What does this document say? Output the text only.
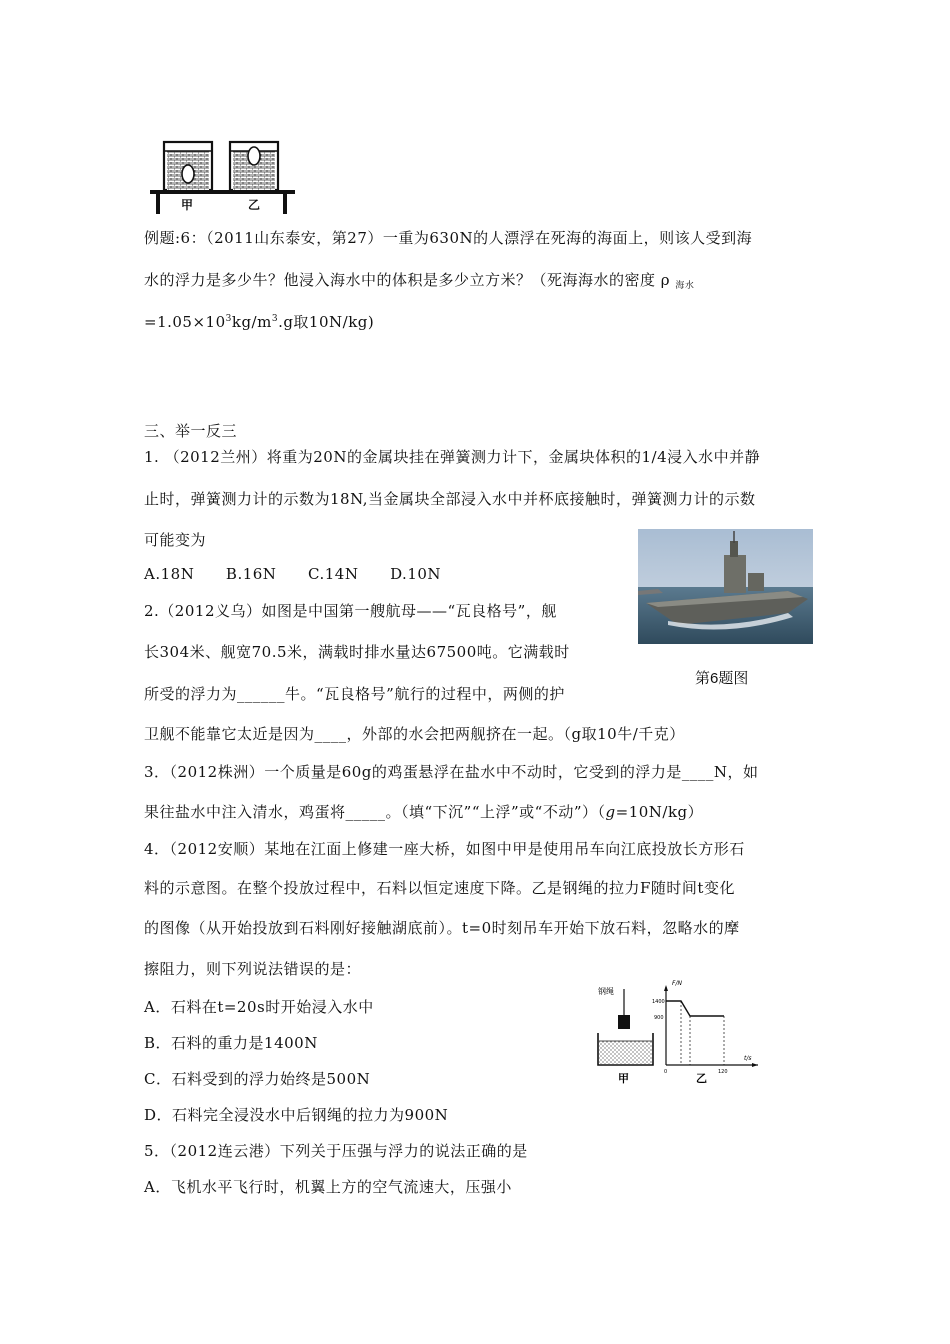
甲	乙
例题:6：（2011山东泰安，第27）一重为630N的人漂浮在死海的海面上，则该人受到海
水的浮力是多少牛？他浸入海水中的体积是多少立方米？（死海海水的密度 ρ $_{海水}$
$=1.05\times 10^3kg/m^3.g$取10N/kg)
三、举一反三
1. （2012兰州）将重为20N的金属块挂在弹簧测力计下，金属块体积的1/4浸入水中并静
止时，弹簧测力计的示数为18N,当金属块全部浸入水中并杯底接触时，弹簧测力计的示数
可能变为
A.18N      B.16N      C.14N      D.10N
第6题图
2.（2012义乌）如图是中国第一艘航母——“瓦良格号”，舰
长304米、舰宽70.5米，满载时排水量达67500吨。它满载时
所受的浮力为______牛。“瓦良格号”航行的过程中，两侧的护
卫舰不能靠它太近是因为____，外部的水会把两舰挤在一起。（g取10牛/千克）
3．（2012株洲）一个质量是60g的鸡蛋悬浮在盐水中不动时，它受到的浮力是____N，如
果往盐水中注入清水，鸡蛋将_____。（填“下沉”“上浮”或“不动”）（g=10N/kg）
4．（2012安顺）某地在江面上修建一座大桥，如图中甲是使用吊车向江底投放长方形石
料的示意图。在整个投放过程中，石料以恒定速度下降。乙是钢绳的拉力F随时间t变化
的图像（从开始投放到石料刚好接触湖底前）。t=0时刻吊车开始下放石料，忽略水的摩
擦阻力，则下列说法错误的是：
A．石料在t=20s时开始浸入水中
B．石料的重力是1400N
C．石料受到的浮力始终是500N
D．石料完全浸没水中后钢绳的拉力为900N
钢绳
甲
F/N
t/s
1400
900
0	120
乙
5．（2012连云港）下列关于压强与浮力的说法正确的是
A．飞机水平飞行时，机翼上方的空气流速大，压强小
